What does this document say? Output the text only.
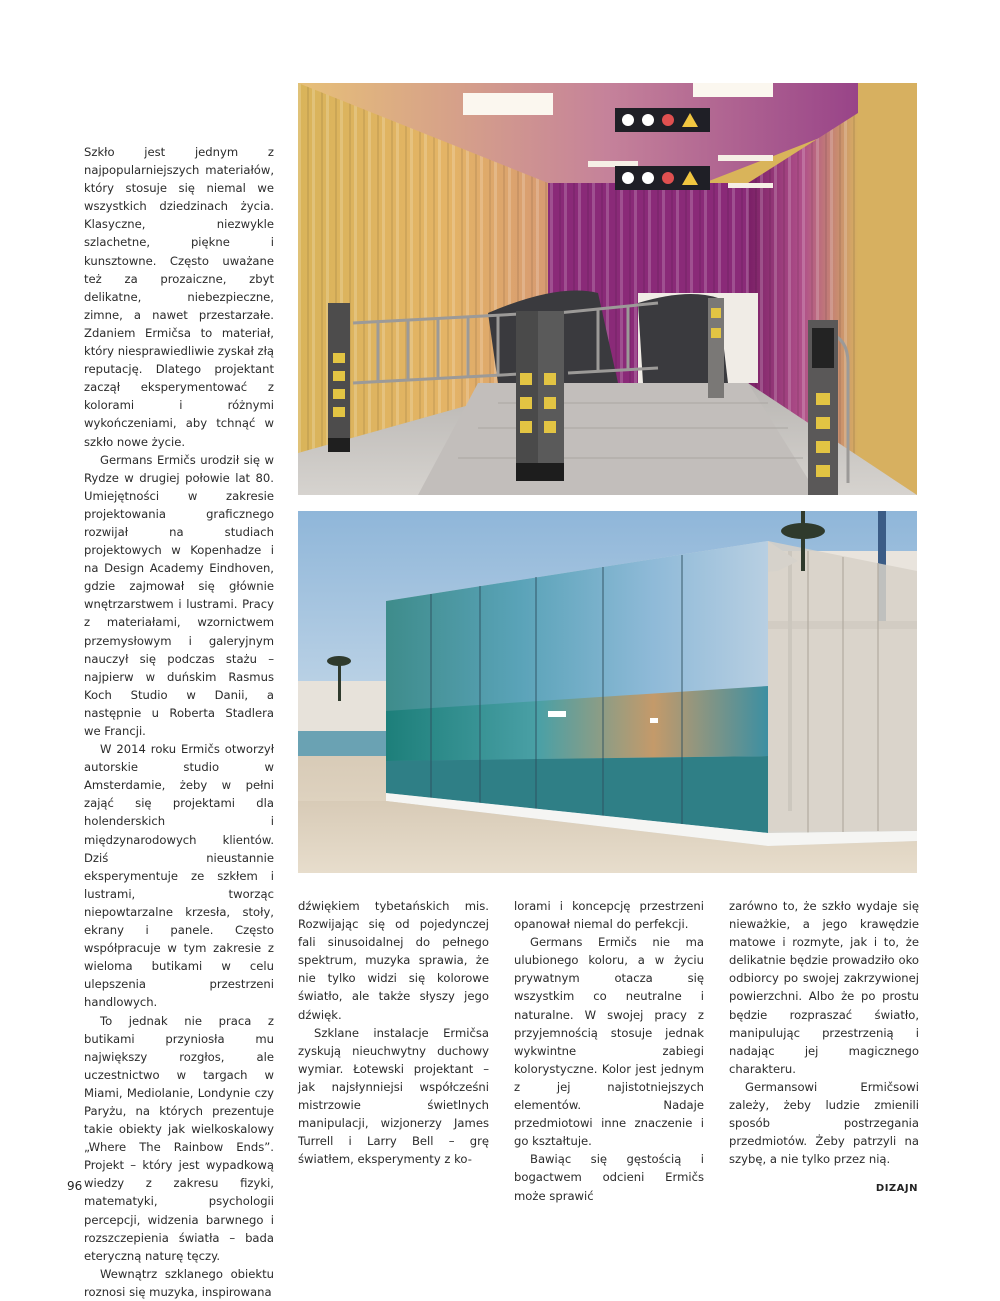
Szkło jest jednym z najpopularniejszych materiałów, który stosuje się niemal we wszystkich dziedzinach życia. Klasyczne, niezwykle szlachetne, piękne i kunsztowne. Często uważane też za prozaiczne, zbyt delikatne, niebezpieczne, zimne, a nawet przestarzałe. Zdaniem Ermičsa to materiał, który niesprawiedliwie zyskał złą reputację. Dlatego projektant zaczął eksperymentować z kolorami i różnymi wykończeniami, aby tchnąć w szkło nowe życie.

Germans Ermičs urodził się w Rydze w drugiej połowie lat 80. Umiejętności w zakresie projektowania graficznego rozwijał na studiach projektowych w Kopenhadze i na Design Academy Eindhoven, gdzie zajmował się głównie wnętrzarstwem i lustrami. Pracy z materiałami, wzornictwem przemysłowym i galeryjnym nauczył się podczas stażu – najpierw w duńskim Rasmus Koch Studio w Danii, a następnie u Roberta Stadlera we Francji.

W 2014 roku Ermičs otworzył autorskie studio w Amsterdamie, żeby w pełni zająć się projektami dla holenderskich i międzynarodowych klientów. Dziś nieustannie eksperymentuje ze szkłem i lustrami, tworząc niepowtarzalne krzesła, stoły, ekrany i panele. Często współpracuje w tym zakresie z wieloma butikami w celu ulepszenia przestrzeni handlowych.

To jednak nie praca z butikami przyniosła mu największy rozgłos, ale uczestnictwo w targach w Miami, Mediolanie, Londynie czy Paryżu, na których prezentuje takie obiekty jak wielkoskalowy „Where The Rainbow Ends”. Projekt – który jest wypadkową wiedzy z zakresu fizyki, matematyki, psychologii percepcji, widzenia barwnego i rozszczepienia światła – bada eteryczną naturę tęczy.

Wewnątrz szklanego obiektu roznosi się muzyka, inspirowana

dźwiękiem tybetańskich mis. Rozwijając się od pojedynczej fali sinusoidalnej do pełnego spektrum, muzyka sprawia, że nie tylko widzi się kolorowe światło, ale także słyszy jego dźwięk.

Szklane instalacje Ermičsa zyskują nieuchwytny duchowy wymiar. Łotewski projektant – jak najsłynniejsi współcześni mistrzowie świetlnych manipulacji, wizjonerzy James Turrell i Larry Bell – grę światłem, eksperymenty z ko-

lorami i koncepcję przestrzeni opanował niemal do perfekcji.

Germans Ermičs nie ma ulubionego koloru, a w życiu prywatnym otacza się wszystkim co neutralne i naturalne. W swojej pracy z przyjemnością stosuje jednak wykwintne zabiegi kolorystyczne. Kolor jest jednym z jej najistotniejszych elementów. Nadaje przedmiotowi inne znaczenie i go kształtuje.

Bawiąc się gęstością i bogactwem odcieni Ermičs może sprawić

zarówno to, że szkło wydaje się nieważkie, a jego krawędzie matowe i rozmyte, jak i to, że delikatnie będzie prowadziło oko odbiorcy po swojej zakrzywionej powierzchni. Albo że po prostu będzie rozpraszać światło, manipulując przestrzenią i nadając jej magicznego charakteru.

Germansowi Ermičsowi zależy, żeby ludzie zmienili sposób postrzegania przedmiotów. Żeby patrzyli na szybę, a nie tylko przez nią.

96	DIZAJN
